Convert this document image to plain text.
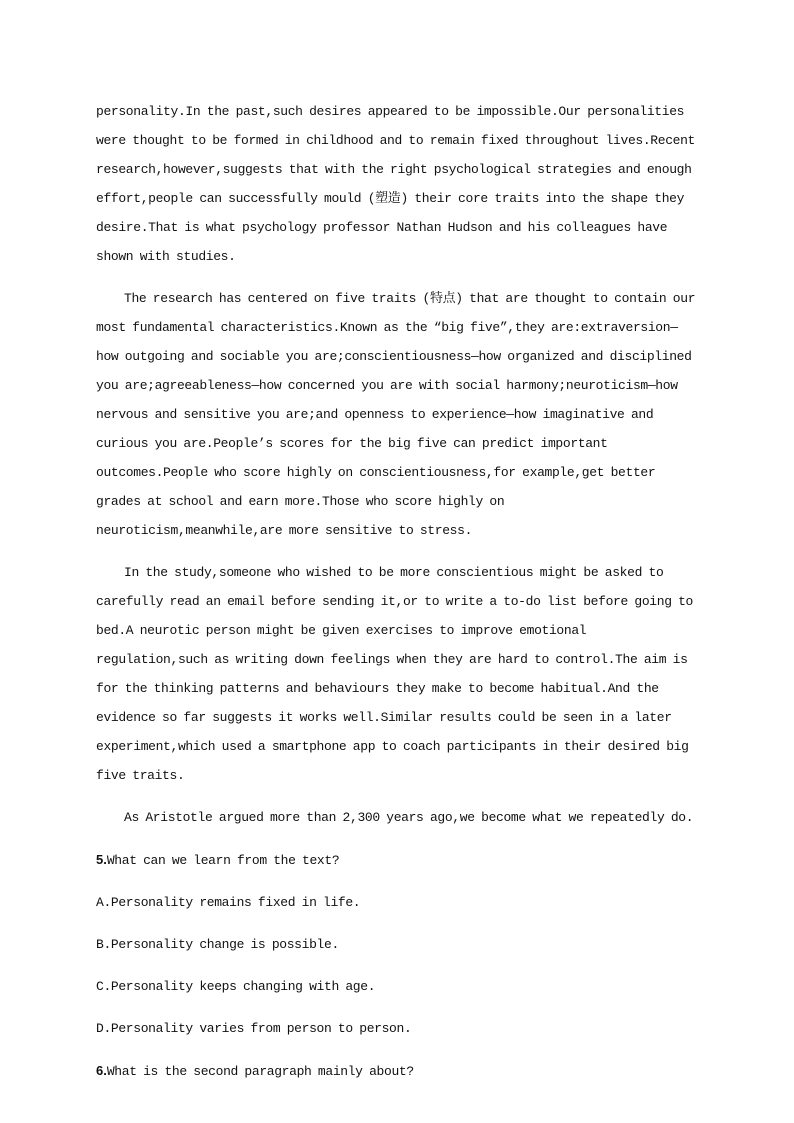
personality.In the past,such desires appeared to be impossible.Our personalities were thought to be formed in childhood and to remain fixed throughout lives.Recent research,however,suggests that with the right psychological strategies and enough effort,people can successfully mould (塑造) their core traits into the shape they desire.That is what psychology professor Nathan Hudson and his colleagues have shown with studies.

The research has centered on five traits (特点) that are thought to contain our most fundamental characteristics.Known as the “big five”,they are:extraversion—how outgoing and sociable you are;conscientiousness—how organized and disciplined you are;agreeableness—how concerned you are with social harmony;neuroticism—how nervous and sensitive you are;and openness to experience—how imaginative and curious you are.People’s scores for the big five can predict important outcomes.People who score highly on conscientiousness,for example,get better grades at school and earn more.Those who score highly on neuroticism,meanwhile,are more sensitive to stress.

In the study,someone who wished to be more conscientious might be asked to carefully read an email before sending it,or to write a to-do list before going to bed.A neurotic person might be given exercises to improve emotional regulation,such as writing down feelings when they are hard to control.The aim is for the thinking patterns and behaviours they make to become habitual.And the evidence so far suggests it works well.Similar results could be seen in a later experiment,which used a smartphone app to coach participants in their desired big five traits.

As Aristotle argued more than 2,300 years ago,we become what we repeatedly do.

5.What can we learn from the text?

A.Personality remains fixed in life.

B.Personality change is possible.

C.Personality keeps changing with age.

D.Personality varies from person to person.

6.What is the second paragraph mainly about?
